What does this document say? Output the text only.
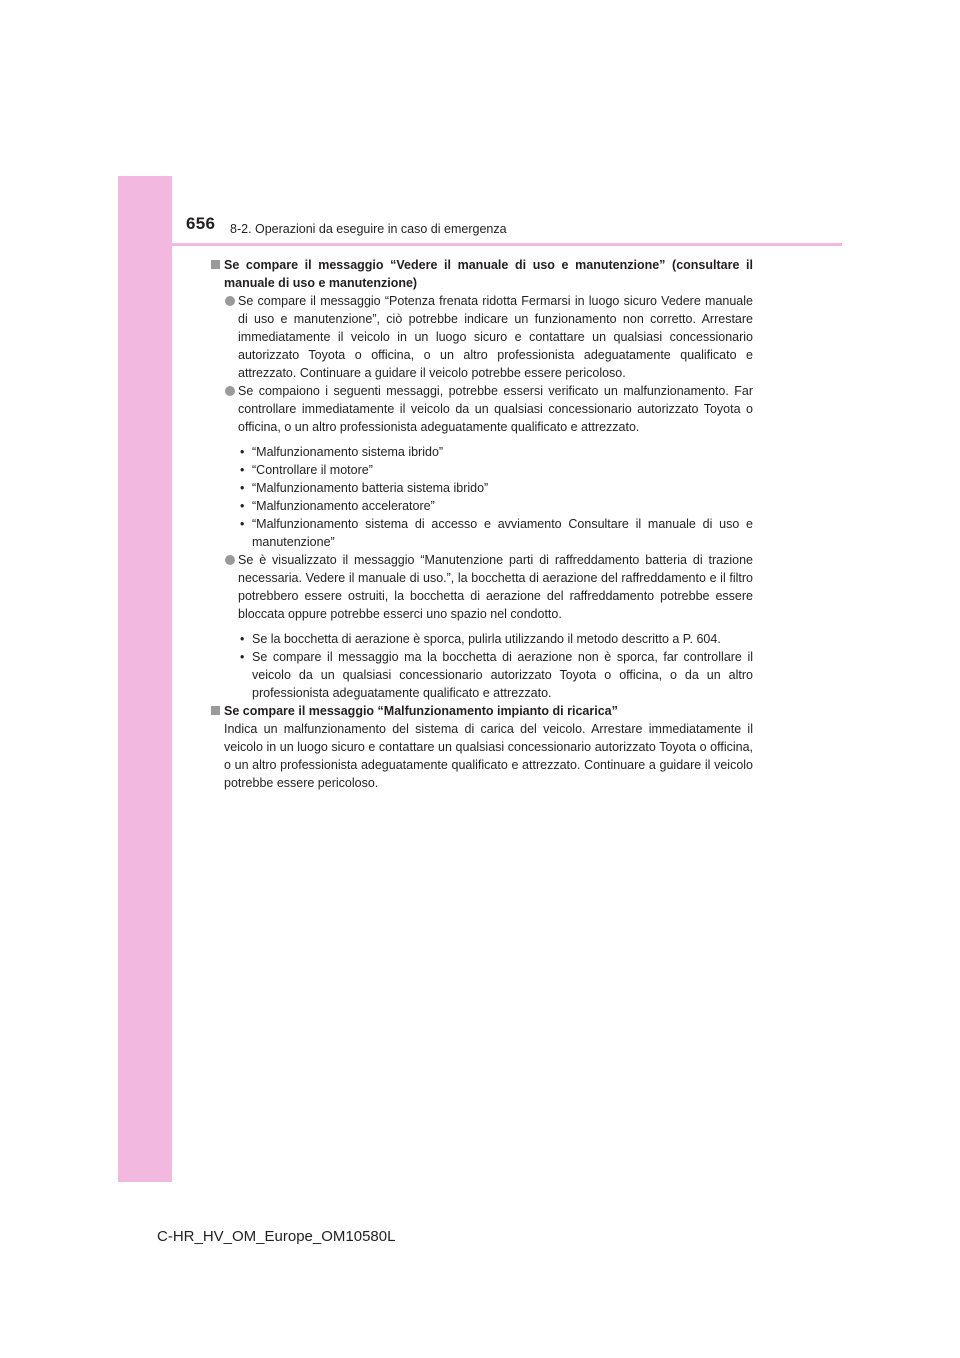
656 8-2. Operazioni da eseguire in caso di emergenza

Se compare il messaggio “Vedere il manuale di uso e manutenzione” (consultare il manuale di uso e manutenzione)

Se compare il messaggio “Potenza frenata ridotta Fermarsi in luogo sicuro Vedere manuale di uso e manutenzione”, ciò potrebbe indicare un funzionamento non corretto. Arrestare immediatamente il veicolo in un luogo sicuro e contattare un qualsiasi concessionario autorizzato Toyota o officina, o un altro professionista adeguatamente qualificato e attrezzato. Continuare a guidare il veicolo potrebbe essere pericoloso.

Se compaiono i seguenti messaggi, potrebbe essersi verificato un malfunzionamento. Far controllare immediatamente il veicolo da un qualsiasi concessionario autorizzato Toyota o officina, o un altro professionista adeguatamente qualificato e attrezzato.

• “Malfunzionamento sistema ibrido”
• “Controllare il motore”
• “Malfunzionamento batteria sistema ibrido”
• “Malfunzionamento acceleratore”
• “Malfunzionamento sistema di accesso e avviamento Consultare il manuale di uso e manutenzione”

Se è visualizzato il messaggio “Manutenzione parti di raffreddamento batteria di trazione necessaria. Vedere il manuale di uso.”, la bocchetta di aerazione del raffreddamento e il filtro potrebbero essere ostruiti, la bocchetta di aerazione del raffreddamento potrebbe essere bloccata oppure potrebbe esserci uno spazio nel condotto.

• Se la bocchetta di aerazione è sporca, pulirla utilizzando il metodo descritto a P. 604.
• Se compare il messaggio ma la bocchetta di aerazione non è sporca, far controllare il veicolo da un qualsiasi concessionario autorizzato Toyota o officina, o da un altro professionista adeguatamente qualificato e attrezzato.

Se compare il messaggio “Malfunzionamento impianto di ricarica”

Indica un malfunzionamento del sistema di carica del veicolo. Arrestare immediatamente il veicolo in un luogo sicuro e contattare un qualsiasi concessionario autorizzato Toyota o officina, o un altro professionista adeguatamente qualificato e attrezzato. Continuare a guidare il veicolo potrebbe essere pericoloso.

C-HR_HV_OM_Europe_OM10580L
